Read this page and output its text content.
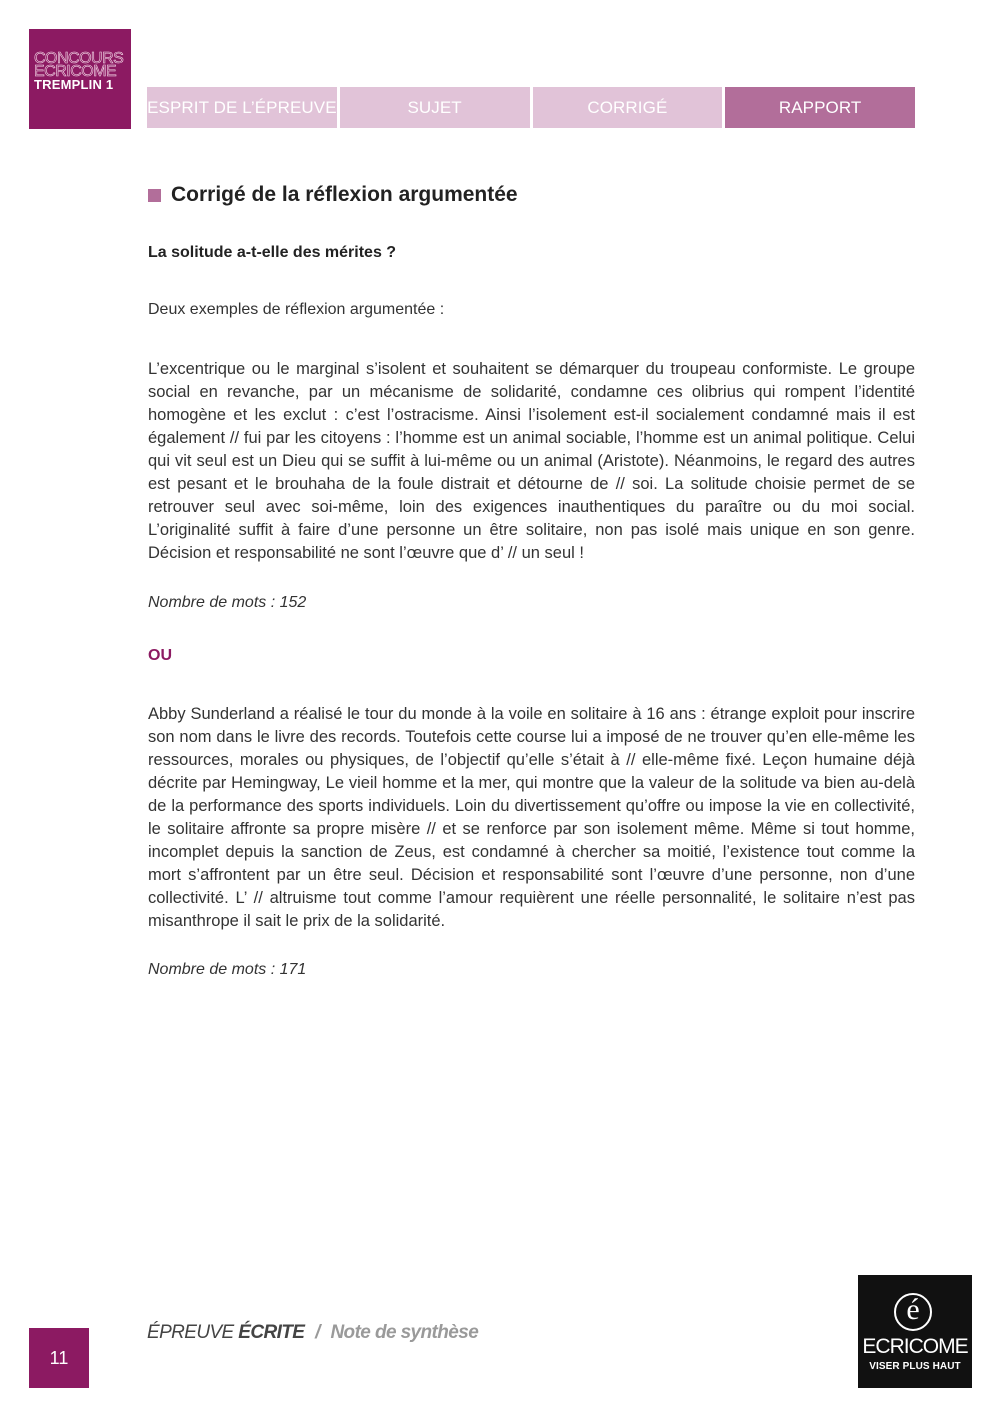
CONCOURS
ECRICOME
TREMPLIN 1
ESPRIT DE L’ÉPREUVE	SUJET	CORRIGÉ	RAPPORT
Corrigé de la réflexion argumentée
La solitude a-t-elle des mérites ?
Deux exemples de réflexion argumentée :

L’excentrique ou le marginal s’isolent et souhaitent se démarquer du troupeau conformiste. Le groupe social en revanche, par un mécanisme de solidarité, condamne ces olibrius qui rompent l’identité homogène et les exclut : c’est l’ostracisme. Ainsi l’isolement est-il socialement condamné mais il est également // fui par les citoyens : l’homme est un animal sociable, l’homme est un animal politique. Celui qui vit seul est un Dieu qui se suffit à lui-même ou un animal (Aristote). Néanmoins, le regard des autres est pesant et le brouhaha de la foule distrait et détourne de // soi. La solitude choisie permet de se retrouver seul avec soi-même, loin des exigences inauthentiques du paraître ou du moi social. L’originalité suffit à faire d’une personne un être solitaire, non pas isolé mais unique en son genre. Décision et responsabilité ne sont l’œuvre que d’ // un seul !

Nombre de mots : 152
OU

Abby Sunderland a réalisé le tour du monde à la voile en solitaire à 16 ans : étrange exploit pour inscrire son nom dans le livre des records. Toutefois cette course lui a imposé de ne trouver qu’en elle-même les ressources, morales ou physiques, de l’objectif qu’elle s’était à // elle-même fixé. Leçon humaine déjà décrite par Hemingway, Le vieil homme et la mer, qui montre que la valeur de la solitude va bien au-delà de la performance des sports individuels. Loin du divertissement qu’offre ou impose la vie en collectivité, le solitaire affronte sa propre misère // et se renforce par son isolement même. Même si tout homme, incomplet depuis la sanction de Zeus, est condamné à chercher sa moitié, l’existence tout comme la mort s’affrontent par un être seul. Décision et responsabilité sont l’œuvre d’une personne, non d’une collectivité. L’ // altruisme tout comme l’amour requièrent une réelle personnalité, le solitaire n’est pas misanthrope il sait le prix de la solidarité.

Nombre de mots : 171
11
ÉPREUVE ÉCRITE / Note de synthèse
é
ECRICOME
VISER PLUS HAUT
